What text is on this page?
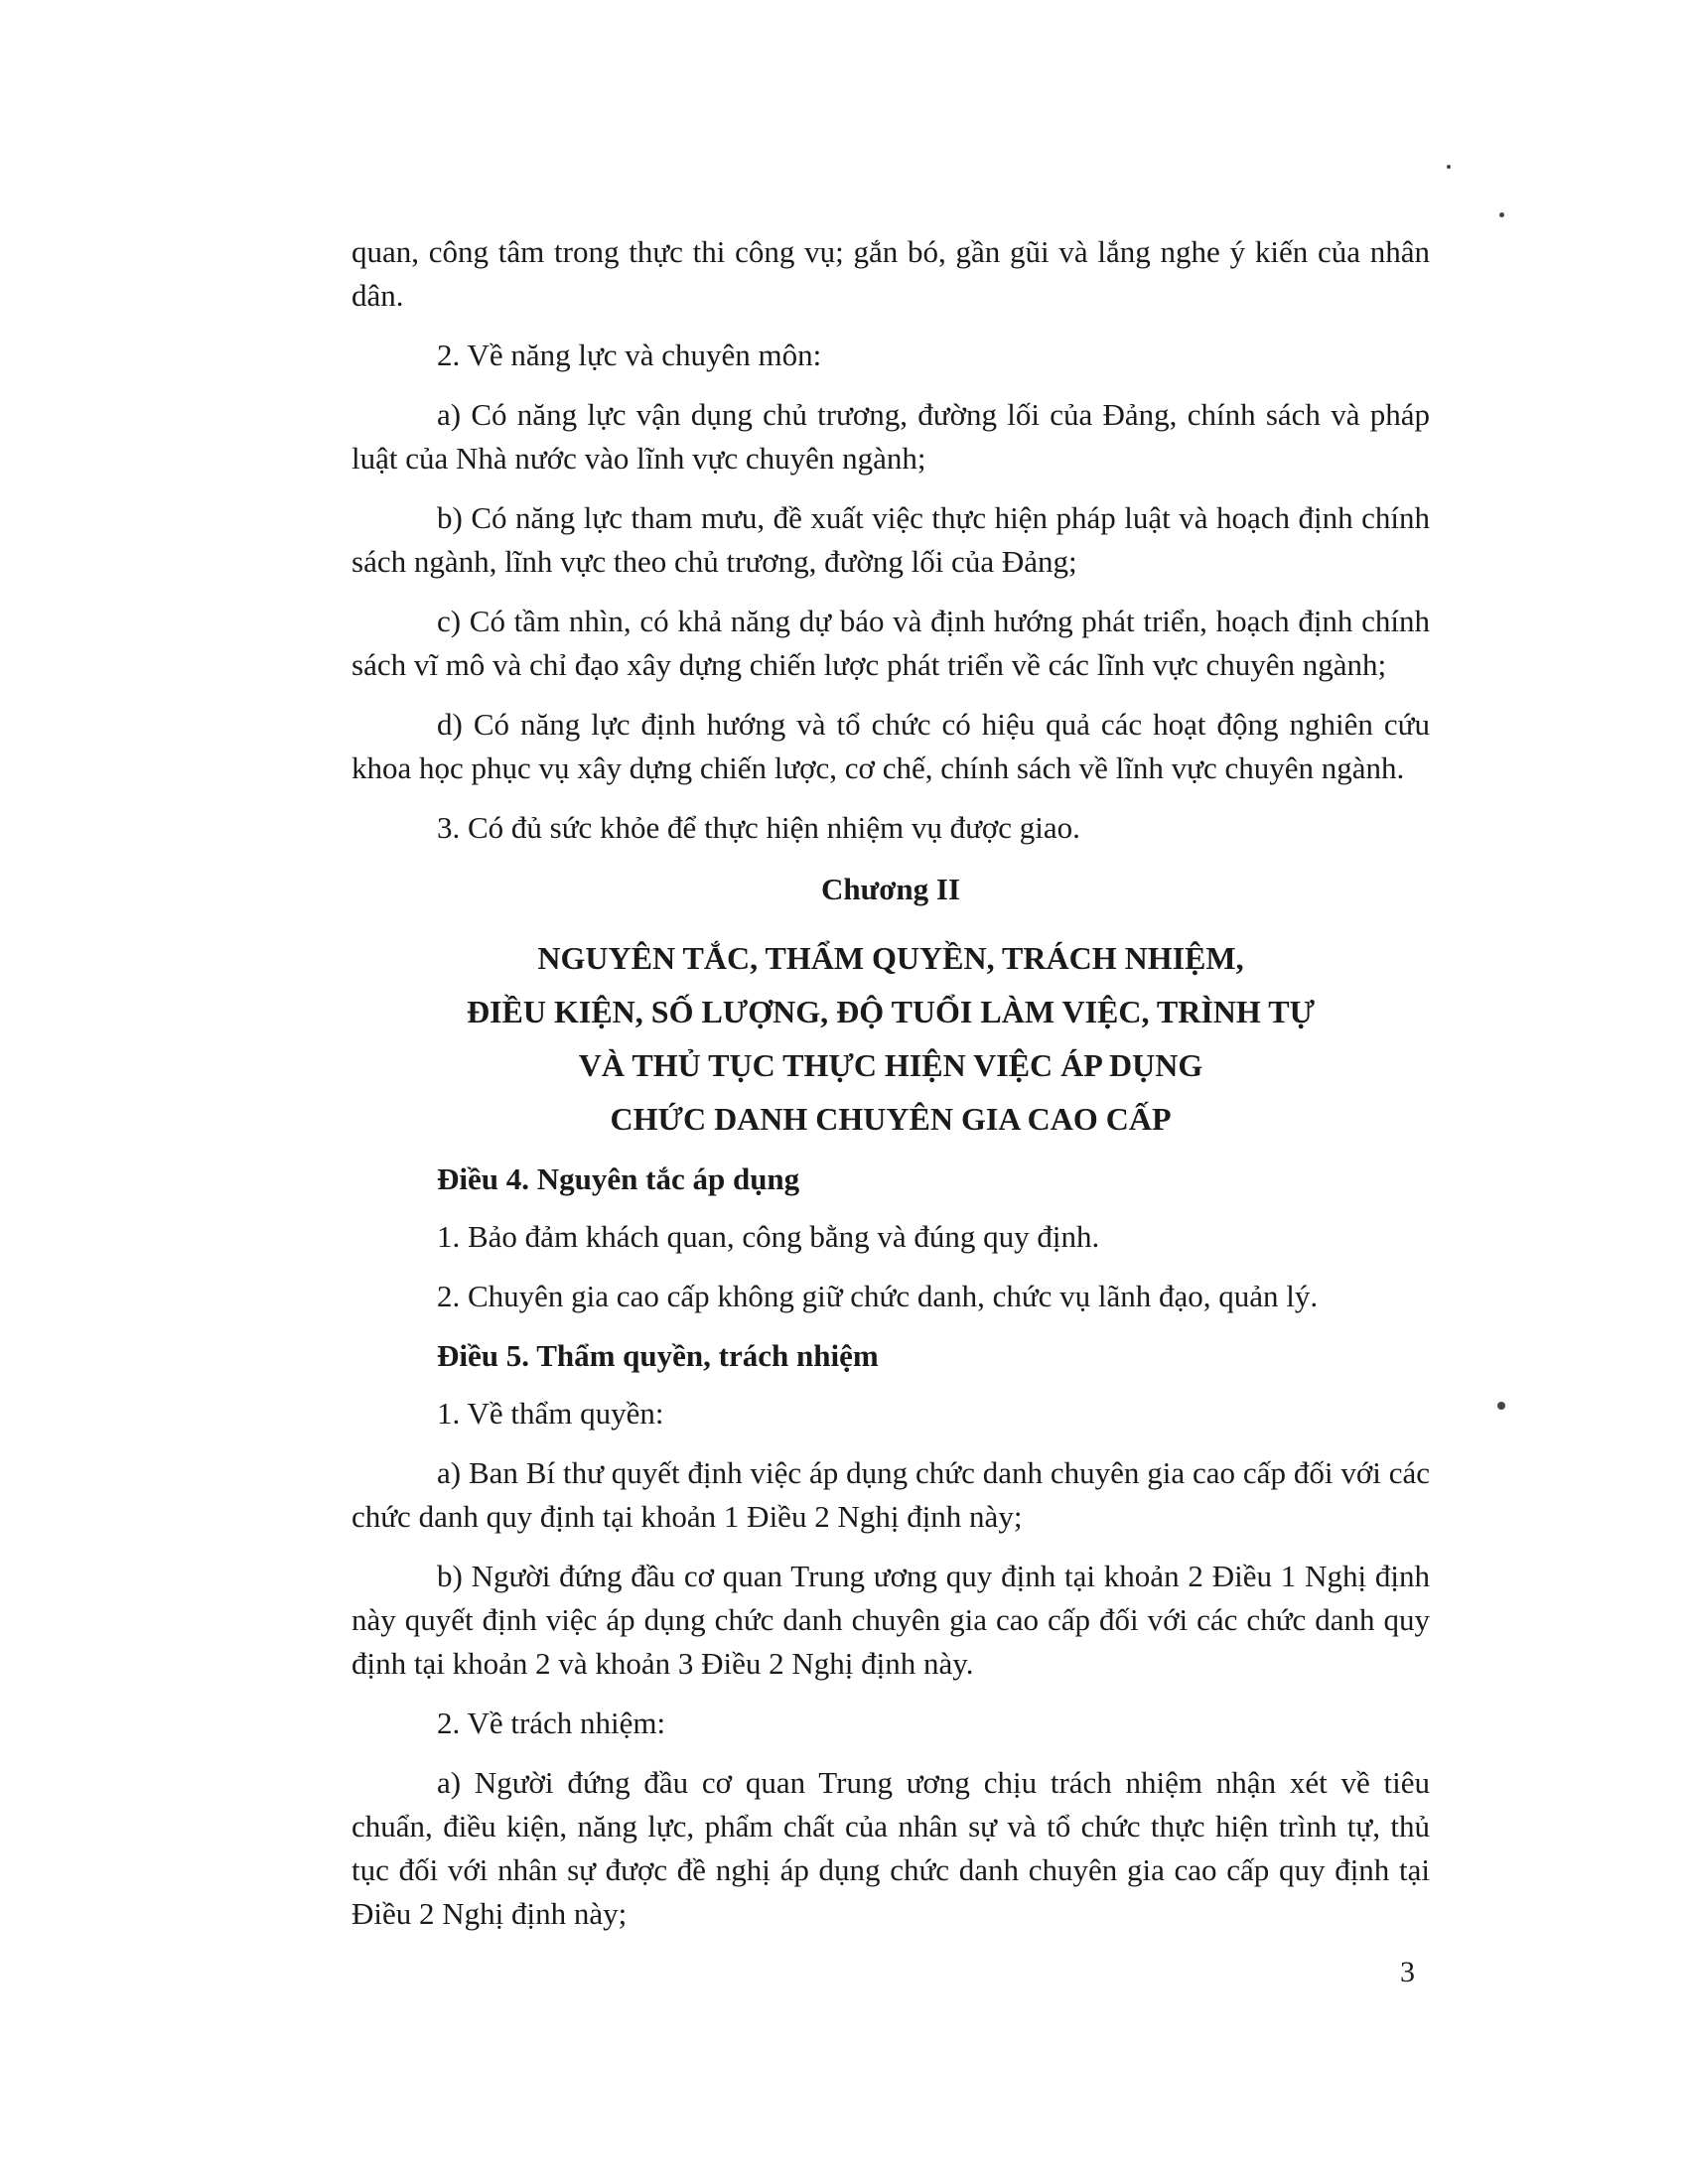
quan, công tâm trong thực thi công vụ; gắn bó, gần gũi và lắng nghe ý kiến của nhân dân.

2. Về năng lực và chuyên môn:

a) Có năng lực vận dụng chủ trương, đường lối của Đảng, chính sách và pháp luật của Nhà nước vào lĩnh vực chuyên ngành;

b) Có năng lực tham mưu, đề xuất việc thực hiện pháp luật và hoạch định chính sách ngành, lĩnh vực theo chủ trương, đường lối của Đảng;

c) Có tầm nhìn, có khả năng dự báo và định hướng phát triển, hoạch định chính sách vĩ mô và chỉ đạo xây dựng chiến lược phát triển về các lĩnh vực chuyên ngành;

d) Có năng lực định hướng và tổ chức có hiệu quả các hoạt động nghiên cứu khoa học phục vụ xây dựng chiến lược, cơ chế, chính sách về lĩnh vực chuyên ngành.

3. Có đủ sức khỏe để thực hiện nhiệm vụ được giao.

Chương II
NGUYÊN TẮC, THẨM QUYỀN, TRÁCH NHIỆM,
ĐIỀU KIỆN, SỐ LƯỢNG, ĐỘ TUỔI LÀM VIỆC, TRÌNH TỰ
VÀ THỦ TỤC THỰC HIỆN VIỆC ÁP DỤNG
CHỨC DANH CHUYÊN GIA CAO CẤP
Điều 4. Nguyên tắc áp dụng

1. Bảo đảm khách quan, công bằng và đúng quy định.

2. Chuyên gia cao cấp không giữ chức danh, chức vụ lãnh đạo, quản lý.

Điều 5. Thẩm quyền, trách nhiệm

1. Về thẩm quyền:

a) Ban Bí thư quyết định việc áp dụng chức danh chuyên gia cao cấp đối với các chức danh quy định tại khoản 1 Điều 2 Nghị định này;

b) Người đứng đầu cơ quan Trung ương quy định tại khoản 2 Điều 1 Nghị định này quyết định việc áp dụng chức danh chuyên gia cao cấp đối với các chức danh quy định tại khoản 2 và khoản 3 Điều 2 Nghị định này.

2. Về trách nhiệm:

a) Người đứng đầu cơ quan Trung ương chịu trách nhiệm nhận xét về tiêu chuẩn, điều kiện, năng lực, phẩm chất của nhân sự và tổ chức thực hiện trình tự, thủ tục đối với nhân sự được đề nghị áp dụng chức danh chuyên gia cao cấp quy định tại Điều 2 Nghị định này;

3
